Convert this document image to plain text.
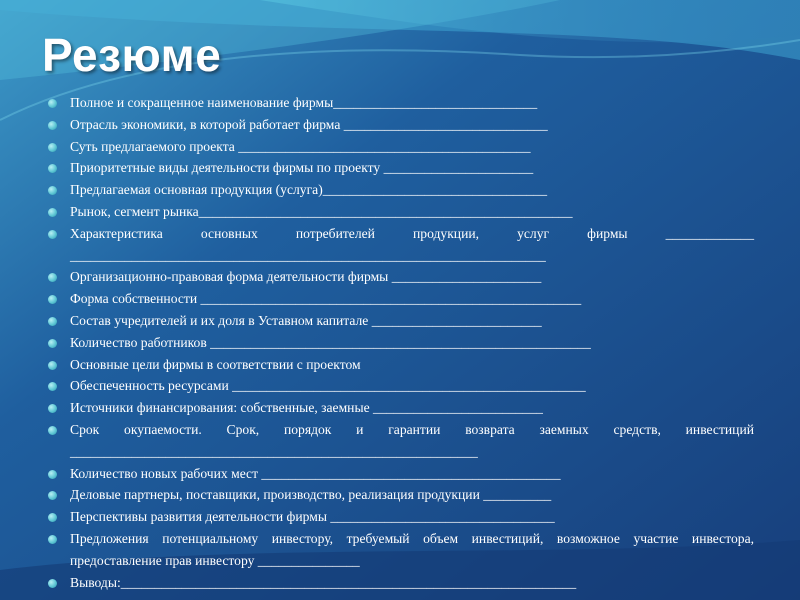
Резюме
Полное и сокращенное наименование фирмы______________________________
Отрасль экономики, в которой работает фирма ______________________________
Суть предлагаемого проекта ___________________________________________
Приоритетные виды деятельности фирмы по проекту ______________________
Предлагаемая основная продукция (услуга)_________________________________
Рынок, сегмент рынка_______________________________________________________
Характеристика основных потребителей продукции, услуг фирмы _____________ ______________________________________________________________________
Организационно-правовая форма деятельности фирмы ______________________
Форма собственности ________________________________________________________
Состав учредителей и их доля в Уставном капитале _________________________
Количество работников ________________________________________________________
Основные цели фирмы в соответствии с проектом
Обеспеченность ресурсами ____________________________________________________
Источники финансирования: собственные, заемные _________________________
Срок окупаемости. Срок, порядок и гарантии возврата заемных средств, инвестиций ____________________________________________________________
Количество новых рабочих мест ____________________________________________
Деловые партнеры, поставщики, производство, реализация продукции __________
Перспективы развития деятельности фирмы _________________________________
Предложения потенциальному инвестору, требуемый объем инвестиций, возможное участие инвестора, предоставление прав инвестору _______________
Выводы:___________________________________________________________________
